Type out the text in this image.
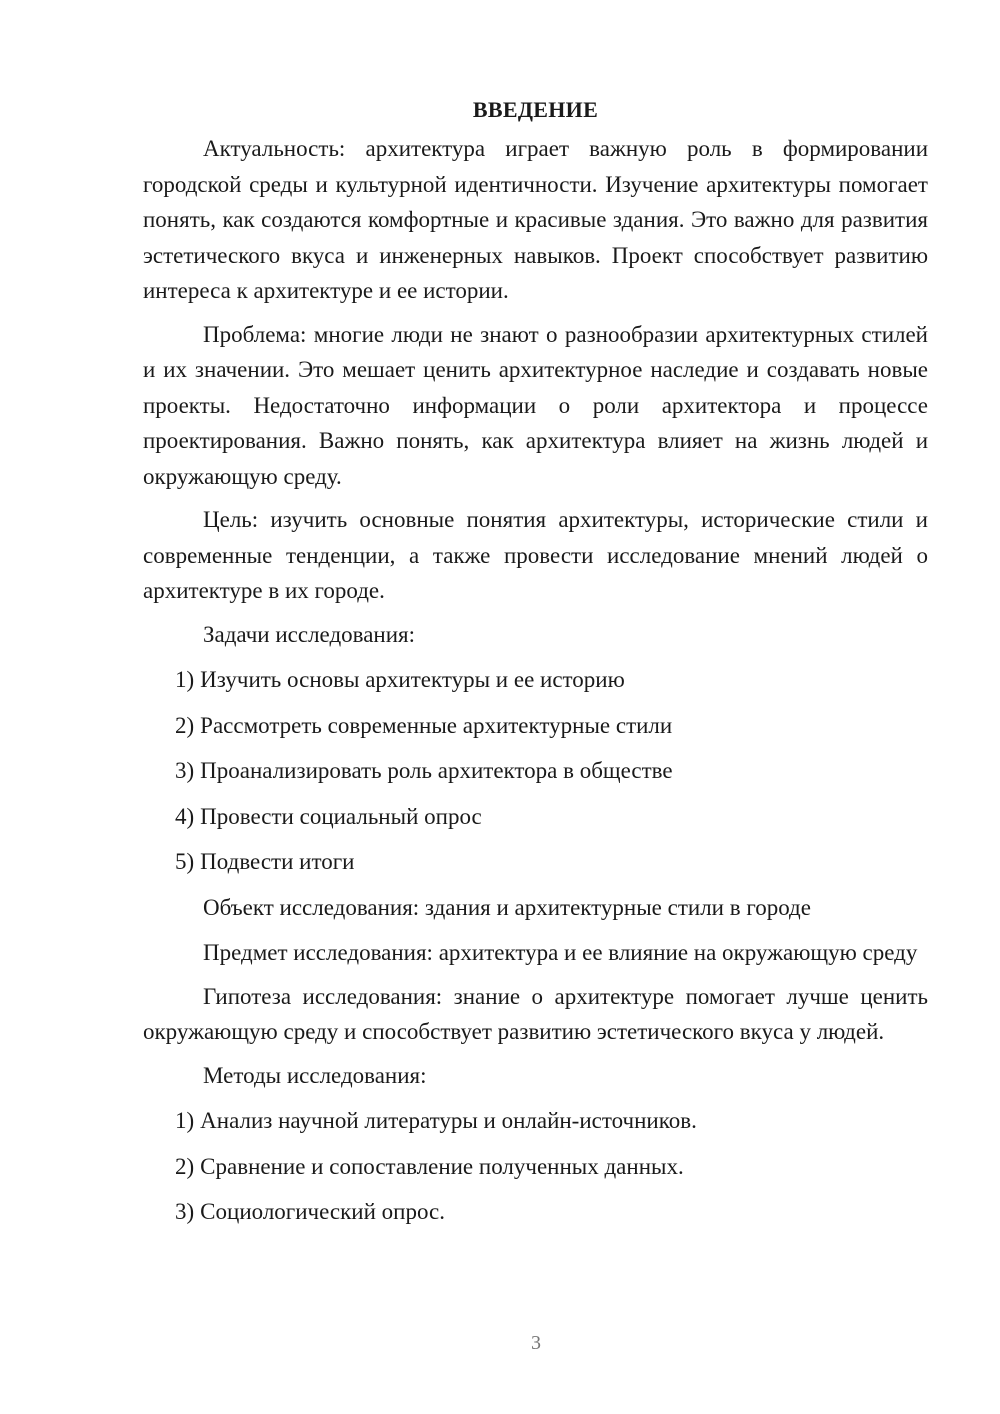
ВВЕДЕНИЕ

Актуальность: архитектура играет важную роль в формировании городской среды и культурной идентичности. Изучение архитектуры помогает понять, как создаются комфортные и красивые здания. Это важно для развития эстетического вкуса и инженерных навыков. Проект способствует развитию интереса к архитектуре и ее истории.

Проблема: многие люди не знают о разнообразии архитектурных стилей и их значении. Это мешает ценить архитектурное наследие и создавать новые проекты. Недостаточно информации о роли архитектора и процессе проектирования. Важно понять, как архитектура влияет на жизнь людей и окружающую среду.

Цель: изучить основные понятия архитектуры, исторические стили и современные тенденции, а также провести исследование мнений людей о архитектуре в их городе.

Задачи исследования:

1) Изучить основы архитектуры и ее историю
2) Рассмотреть современные архитектурные стили
3) Проанализировать роль архитектора в обществе
4) Провести социальный опрос
5) Подвести итоги

Объект исследования: здания и архитектурные стили в городе

Предмет исследования: архитектура и ее влияние на окружающую среду

Гипотеза исследования: знание о архитектуре помогает лучше ценить окружающую среду и способствует развитию эстетического вкуса у людей.

Методы исследования:

1) Анализ научной литературы и онлайн-источников.
2) Сравнение и сопоставление полученных данных.
3) Социологический опрос.
3
